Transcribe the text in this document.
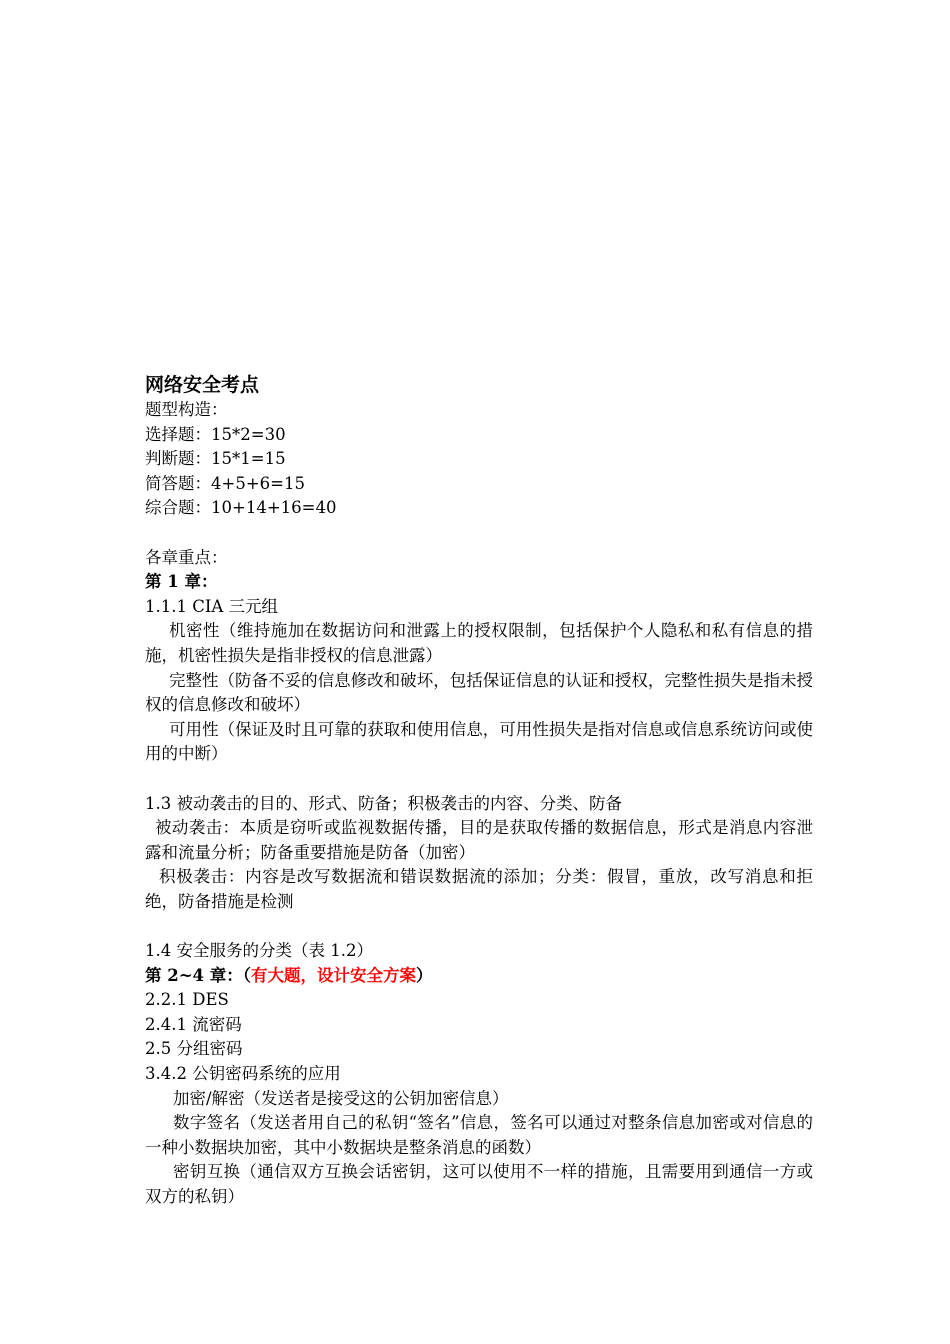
网络安全考点
题型构造：
选择题：15*2=30
判断题：15*1=15
简答题：4+5+6=15
综合题：10+14+16=40
各章重点：
第 1 章：
1.1.1 CIA 三元组
机密性（维持施加在数据访问和泄露上的授权限制，包括保护个人隐私和私有信息的措施，机密性损失是指非授权的信息泄露）
完整性（防备不妥的信息修改和破坏，包括保证信息的认证和授权，完整性损失是指未授权的信息修改和破坏）
可用性（保证及时且可靠的获取和使用信息，可用性损失是指对信息或信息系统访问或使用的中断）
1.3 被动袭击的目的、形式、防备；积极袭击的内容、分类、防备
被动袭击：本质是窃听或监视数据传播，目的是获取传播的数据信息，形式是消息内容泄露和流量分析；防备重要措施是防备（加密）
积极袭击：内容是改写数据流和错误数据流的添加；分类：假冒，重放，改写消息和拒绝，防备措施是检测
1.4 安全服务的分类（表 1.2）
第 2~4 章：（有大题，设计安全方案）
2.2.1 DES
2.4.1 流密码
2.5 分组密码
3.4.2 公钥密码系统的应用
加密/解密（发送者是接受这的公钥加密信息）
数字签名（发送者用自己的私钥“签名”信息，签名可以通过对整条信息加密或对信息的一种小数据块加密，其中小数据块是整条消息的函数）
密钥互换（通信双方互换会话密钥，这可以使用不一样的措施，且需要用到通信一方或双方的私钥）
